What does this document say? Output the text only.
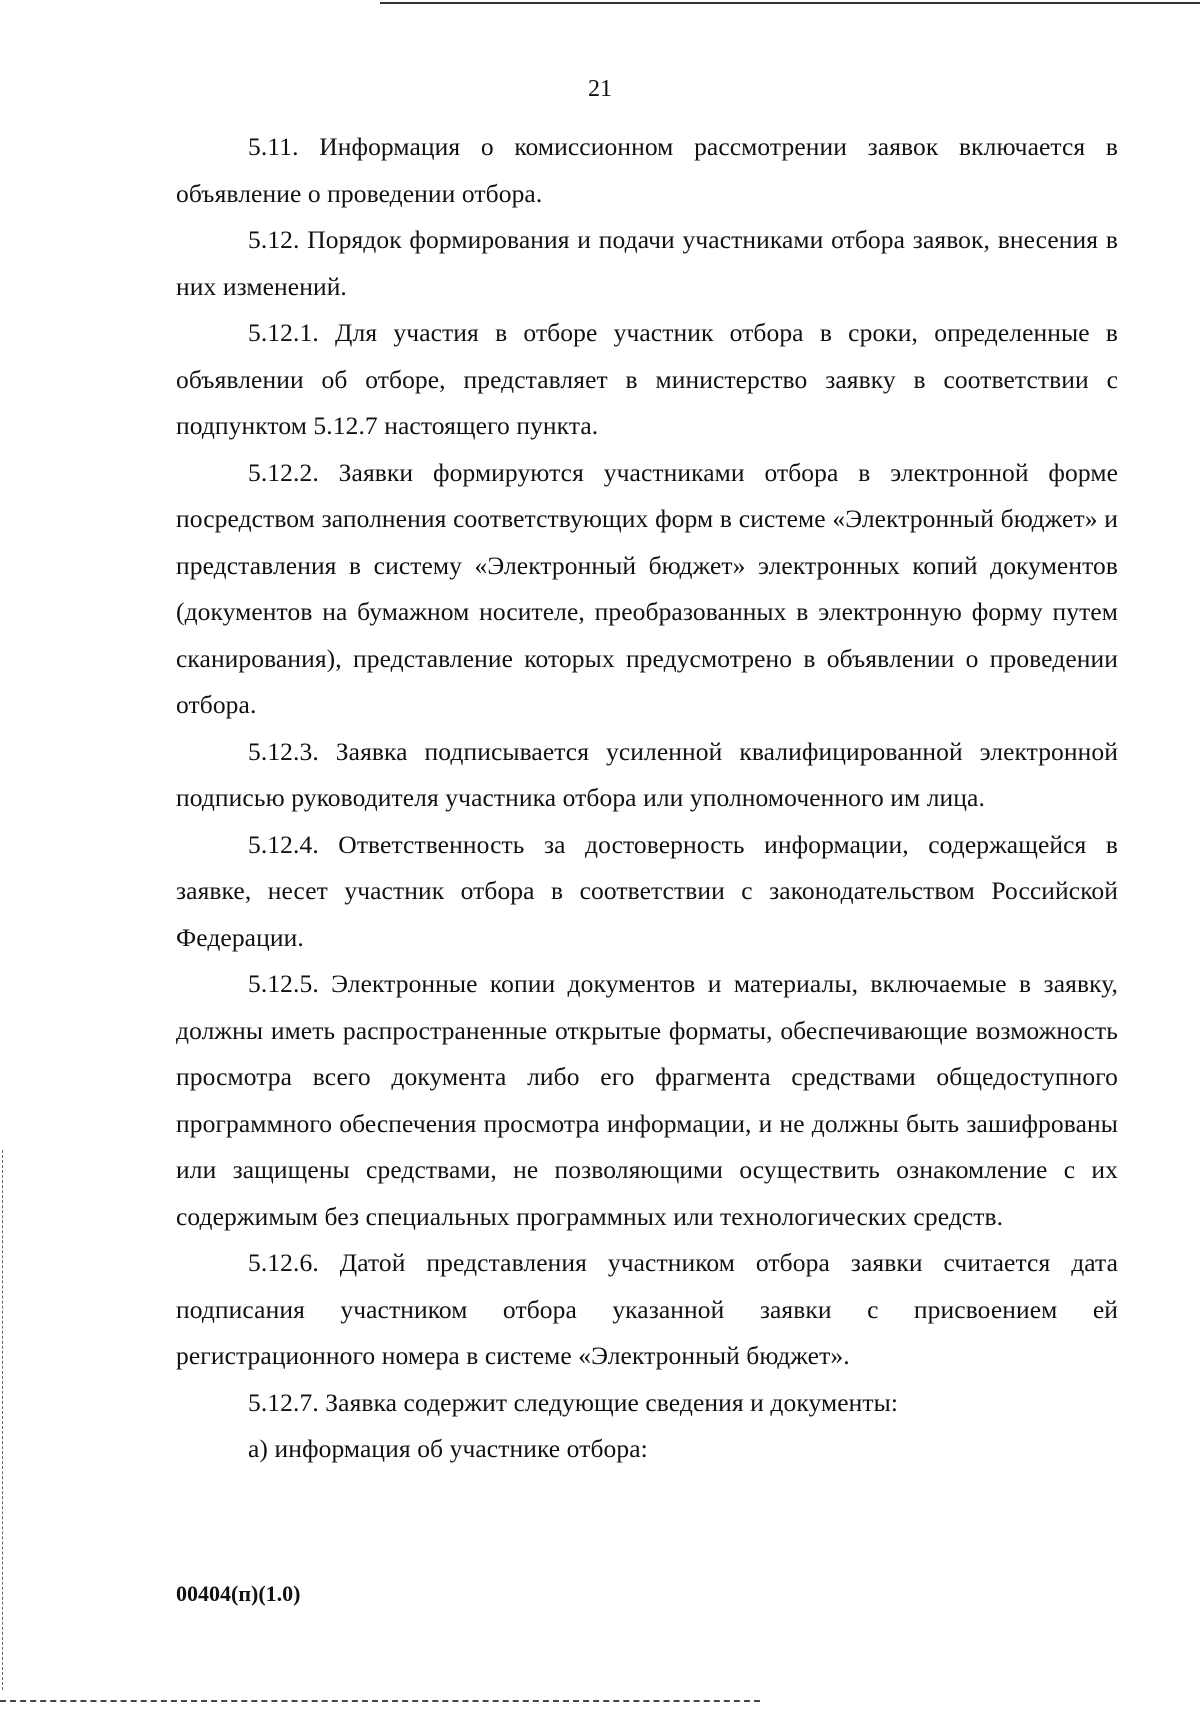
21

5.11. Информация о комиссионном рассмотрении заявок включается в объявление о проведении отбора.

5.12. Порядок формирования и подачи участниками отбора заявок, внесения в них изменений.

5.12.1. Для участия в отборе участник отбора в сроки, определенные в объявлении об отборе, представляет в министерство заявку в соответствии с подпунктом 5.12.7 настоящего пункта.

5.12.2. Заявки формируются участниками отбора в электронной форме посредством заполнения соответствующих форм в системе «Электронный бюджет» и представления в систему «Электронный бюджет» электронных копий документов (документов на бумажном носителе, преобразованных в электронную форму путем сканирования), представление которых предусмотрено в объявлении о проведении отбора.

5.12.3. Заявка подписывается усиленной квалифицированной электронной подписью руководителя участника отбора или уполномоченного им лица.

5.12.4. Ответственность за достоверность информации, содержащейся в заявке, несет участник отбора в соответствии с законодательством Российской Федерации.

5.12.5. Электронные копии документов и материалы, включаемые в заявку, должны иметь распространенные открытые форматы, обеспечивающие возможность просмотра всего документа либо его фрагмента средствами общедоступного программного обеспечения просмотра информации, и не должны быть зашифрованы или защищены средствами, не позволяющими осуществить ознакомление с их содержимым без специальных программных или технологических средств.

5.12.6. Датой представления участником отбора заявки считается дата подписания участником отбора указанной заявки с присвоением ей регистрационного номера в системе «Электронный бюджет».

5.12.7. Заявка содержит следующие сведения и документы:

а) информация об участнике отбора:

00404(п)(1.0)
